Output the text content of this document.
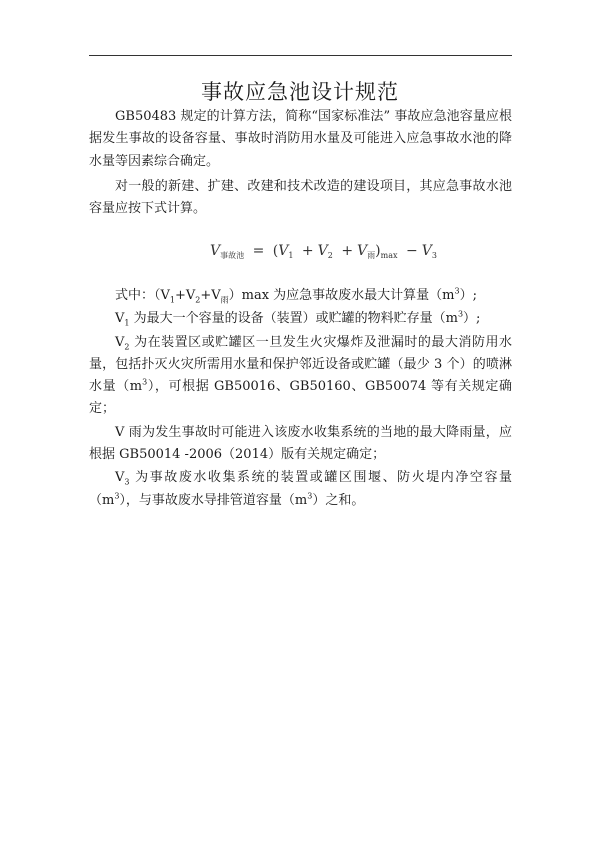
事故应急池设计规范

GB50483 规定的计算方法，简称“国家标准法” 事故应急池容量应根据发生事故的设备容量、事故时消防用水量及可能进入应急事故水池的降水量等因素综合确定。

对一般的新建、扩建、改建和技术改造的建设项目，其应急事故水池容量应按下式计算。

$V_{事故池} = (V_1 + V_2 + V_雨)_{max} - V_3$

式中：$(V_1+V_2+V_雨)\max$ 为应急事故废水最大计算量$(m^3)$;

$V_1$ 为最大一个容量的设备（装置）或贮罐的物料贮存量$(m^3)$;

$V_2$ 为在装置区或贮罐区一旦发生火灾爆炸及泄漏时的最大消防用水量，包括扑灭火灾所需用水量和保护邻近设备或贮罐（最少 3 个）的喷淋水量$(m^3)$，可根据 GB50016、GB50160、GB50074 等有关规定确定；

V 雨为发生事故时可能进入该废水收集系统的当地的最大降雨量，应根据 GB50014 -2006（2014）版有关规定确定；

$V_3$ 为事故废水收集系统的装置或罐区围堰、防火堤内净空容量$(m^3)$，与事故废水导排管道容量$(m^3)$之和。
